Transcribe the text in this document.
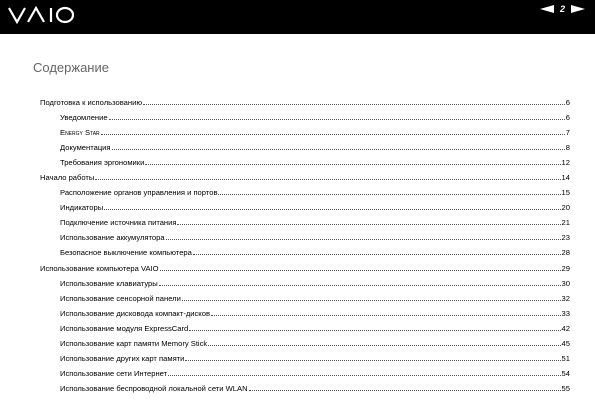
2
Содержание
Подготовка к использованию	6
Уведомление	6
Energy Star	7
Документация	8
Требования эргономики	12
Начало работы	14
Расположение органов управления и портов	15
Индикаторы	20
Подключение источника питания	21
Использование аккумулятора	23
Безопасное выключение компьютера	28
Использование компьютера VAIO	29
Использование клавиатуры	30
Использование сенсорной панели	32
Использование дисковода компакт-дисков	33
Использование модуля ExpressCard	42
Использование карт памяти Memory Stick	45
Использование других карт памяти	51
Использование сети Интернет	54
Использование беспроводной локальной сети WLAN	55
